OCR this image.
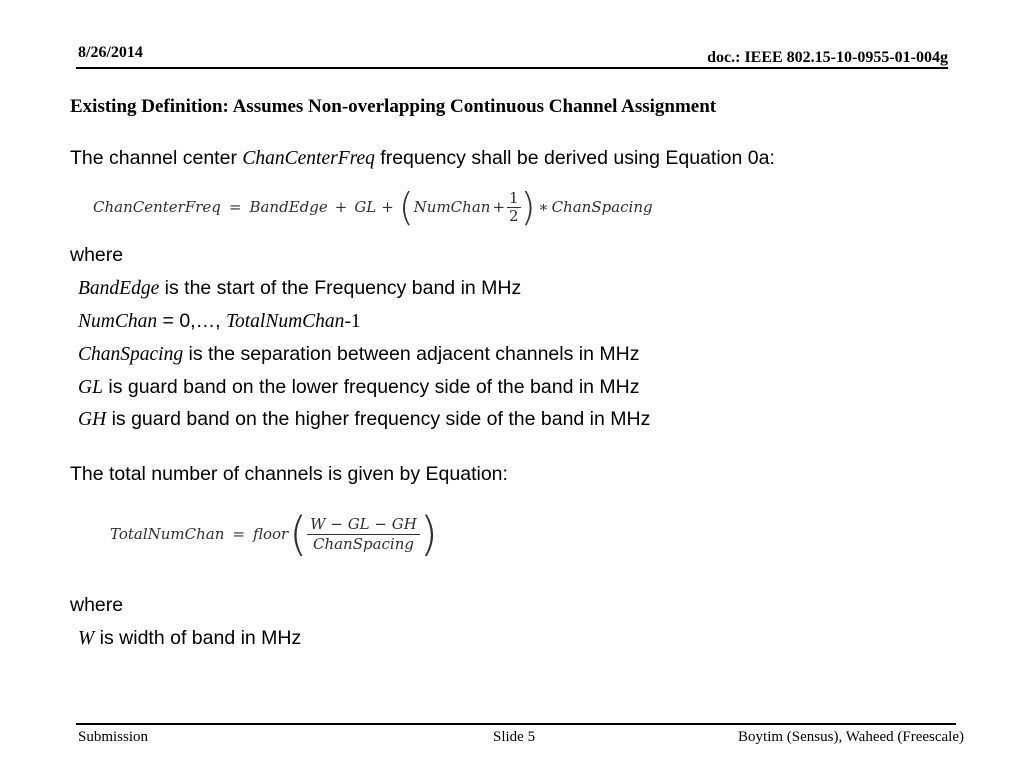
8/26/2014	doc.: IEEE 802.15-10-0955-01-004g
Existing Definition: Assumes Non-overlapping Continuous Channel Assignment
The channel center ChanCenterFreq frequency shall be derived using Equation 0a:
ChanCenterFreq = BandEdge + GL + ( NumChan + $\frac{1}{2}$ ) ∗ ChanSpacing
where
BandEdge is the start of the Frequency band in MHz
NumChan = 0,…, TotalNumChan-1
ChanSpacing is the separation between adjacent channels in MHz
GL is guard band on the lower frequency side of the band in MHz
GH is guard band on the higher frequency side of the band in MHz
The total number of channels is given by Equation:
TotalNumChan = floor ( $\frac{W - GL - GH}{\text{ChanSpacing}}$ )
where
W is width of band in MHz
Submission	Slide 5	Boytim (Sensus), Waheed (Freescale)
